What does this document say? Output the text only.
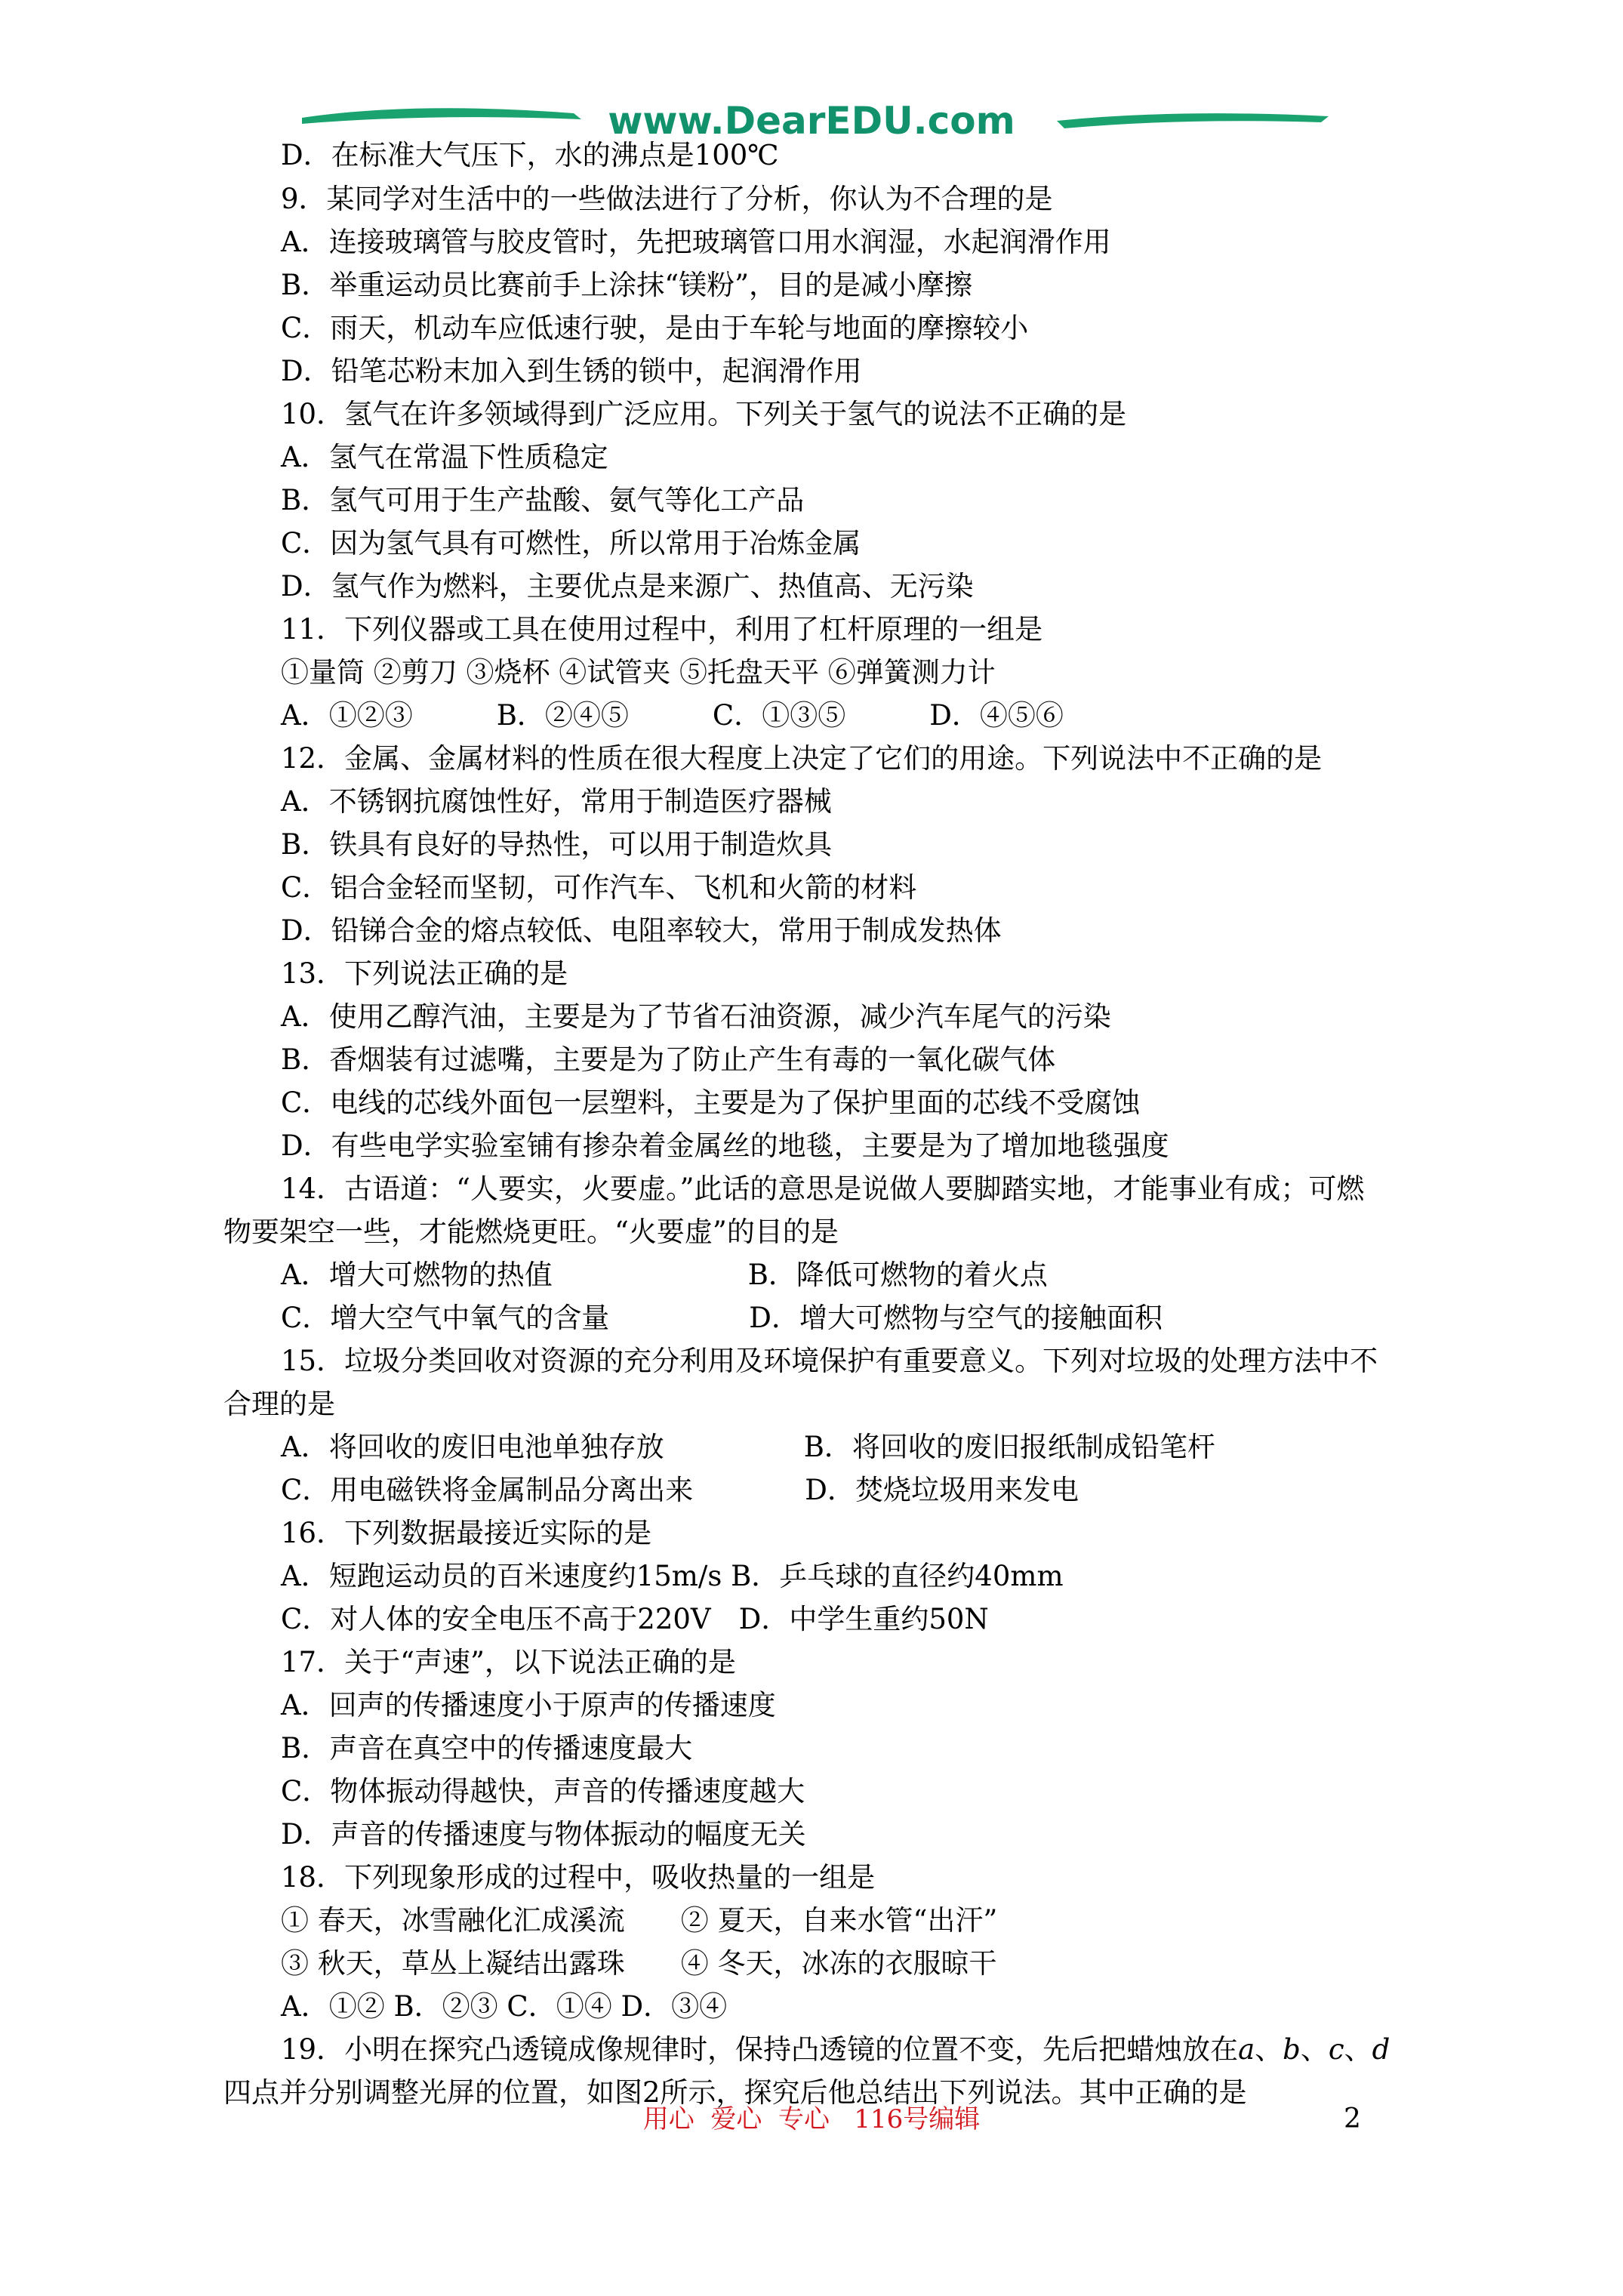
www.DearEDU.com
D．在标准大气压下，水的沸点是100℃
9．某同学对生活中的一些做法进行了分析，你认为不合理的是
A．连接玻璃管与胶皮管时，先把玻璃管口用水润湿，水起润滑作用
B．举重运动员比赛前手上涂抹“镁粉”，目的是减小摩擦
C．雨天，机动车应低速行驶，是由于车轮与地面的摩擦较小
D．铅笔芯粉末加入到生锈的锁中，起润滑作用
10．氢气在许多领域得到广泛应用。下列关于氢气的说法不正确的是
A．氢气在常温下性质稳定
B．氢气可用于生产盐酸、氨气等化工产品
C．因为氢气具有可燃性，所以常用于冶炼金属
D．氢气作为燃料，主要优点是来源广、热值高、无污染
11．下列仪器或工具在使用过程中，利用了杠杆原理的一组是
①量筒 ②剪刀 ③烧杯 ④试管夹 ⑤托盘天平 ⑥弹簧测力计
A．①②③　　　B．②④⑤　　　C．①③⑤　　　D．④⑤⑥
12．金属、金属材料的性质在很大程度上决定了它们的用途。下列说法中不正确的是
A．不锈钢抗腐蚀性好，常用于制造医疗器械
B．铁具有良好的导热性，可以用于制造炊具
C．铝合金轻而坚韧，可作汽车、飞机和火箭的材料
D．铅锑合金的熔点较低、电阻率较大，常用于制成发热体
13．下列说法正确的是
A．使用乙醇汽油，主要是为了节省石油资源，减少汽车尾气的污染
B．香烟装有过滤嘴，主要是为了防止产生有毒的一氧化碳气体
C．电线的芯线外面包一层塑料，主要是为了保护里面的芯线不受腐蚀
D．有些电学实验室铺有掺杂着金属丝的地毯，主要是为了增加地毯强度
14．古语道：“人要实，火要虚。”此话的意思是说做人要脚踏实地，才能事业有成；可燃
物要架空一些，才能燃烧更旺。“火要虚”的目的是
A．增大可燃物的热值　　　　　　　B．降低可燃物的着火点
C．增大空气中氧气的含量　　　　　D．增大可燃物与空气的接触面积
15．垃圾分类回收对资源的充分利用及环境保护有重要意义。下列对垃圾的处理方法中不
合理的是
A．将回收的废旧电池单独存放　　　　　B．将回收的废旧报纸制成铅笔杆
C．用电磁铁将金属制品分离出来　　　　D．焚烧垃圾用来发电
16．下列数据最接近实际的是
A．短跑运动员的百米速度约15m/s B．乒乓球的直径约40mm
C．对人体的安全电压不高于220V　D．中学生重约50N
17．关于“声速”，以下说法正确的是
A．回声的传播速度小于原声的传播速度
B．声音在真空中的传播速度最大
C．物体振动得越快，声音的传播速度越大
D．声音的传播速度与物体振动的幅度无关
18．下列现象形成的过程中，吸收热量的一组是
① 春天，冰雪融化汇成溪流　　② 夏天，自来水管“出汗”
③ 秋天，草丛上凝结出露珠　　④ 冬天，冰冻的衣服晾干
A．①② B．②③ C．①④ D．③④
19．小明在探究凸透镜成像规律时，保持凸透镜的位置不变，先后把蜡烛放在a、b、c、d
四点并分别调整光屏的位置，如图2所示，探究后他总结出下列说法。其中正确的是
用心  爱心  专心   116号编辑	2
